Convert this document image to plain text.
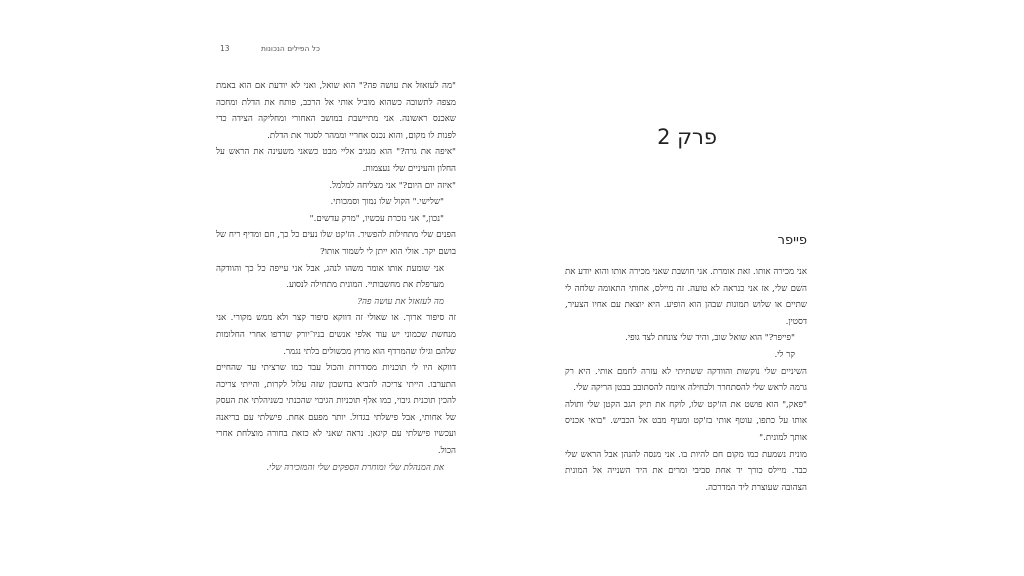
כל הפילים הנכונות
13

"מה לעזאזל את עושה פה?" הוא שואל, ואני לא יודעת אם הוא באמת מצפה לתשובה כשהוא מוביל אותי אל הרכב, פותח את הדלת ומחכה שאכנס ראשונה. אני מתיישבת במושב האחורי ומחליקה הצידה כדי לפנות לו מקום, והוא נכנס אחריי וממהר לסגור את הדלת.

"איפה את גרה?" הוא מגגיב אליי מבט כשאני משעינה את הראש על החלון והעיניים שלי נעצמות.

"איזה יום היום?" אני מצליחה למלמל.

"שלישי." הקול שלו נמוך וסמכותי.

"נכון," אני נזכרת עכשיו, "מרק עדשים."

הפנים שלי מתחילות להפשיר. הז'קט שלו נעים כל כך, חם ומדיף ריח של בושם יקר. אולי הוא ייתן לי לשמור אותו?

אני שומעת אותו אומר משהו לנהג, אבל אני עייפה כל כך והוודקה מערפלת את מחשבותיי. המונית מתחילה לנסוע.

מה לעזאזל את עושה פה?

זה סיפור ארוך. או שאולי זה דווקא סיפור קצר ולא ממש מקורי. אני מנחשת שכמוני יש עוד אלפי אנשים בניו־יורק שרדפו אחרי החלומות שלהם וגילו שהמרדף הוא מרוץ מכשולים בלתי נגמר.

דווקא היו לי תוכניות מסודרות והכול עבד כמו שרציתי עד שהחיים התערבו. הייתי צריכה להביא בחשבון שזה עלול לקרות, והייתי צריכה להכין תוכנית גיבוי, כמו אלף תוכניות הגיבוי שהכנתי כשניהלתי את העסק של אחותי, אבל פישלתי בגדול. יותר מפעם אחת. פישלתי עם בריאנה ועכשיו פישלתי עם קיגאן. נראה שאני לא כזאת בחורה מוצלחת אחרי הכול.

את המנהלת שלי ומוחרת הספקים שלי והמזכירה שלי.

פרק 2
פייפר

אני מכירה אותו. זאת אומרת. אני חושבת שאני מכירה אותו והוא יודע את השם שלי, אז אני כנראה לא טועה. זה מיילס, אחותי התאומה שלחה לי שתיים או שלוש תמונות שבהן הוא הופיע. היא יוצאת עם אחיו הצעיר, דסטין.

"פייפר?" הוא שואל שוב, והיד שלי צונחת לצד גופי.

קר לי.

השיניים שלי נוקשות והוודקה ששתיתי לא עזרה לחמם אותי. היא רק גרמה לראש שלי להסתחרר ולבחילה איומה להסתובב בבטן הריקה שלי.

"פאק," הוא פושט את הז'קט שלו, לוקח את תיק הגב הקטן שלי ותולה אותו על כתפו, עוטף אותי בז'קט ומעיף מבט אל הכביש. "בואי אכניס אותך למונית."

מונית נשמעת כמו מקום חם להיות בו. אני מנסה להנהן אבל הראש שלי כבד. מיילס כורך יד אחת סביבי ומרים את היד השנייה אל המונית הצהובה שעוצרת ליד המדרכה.
